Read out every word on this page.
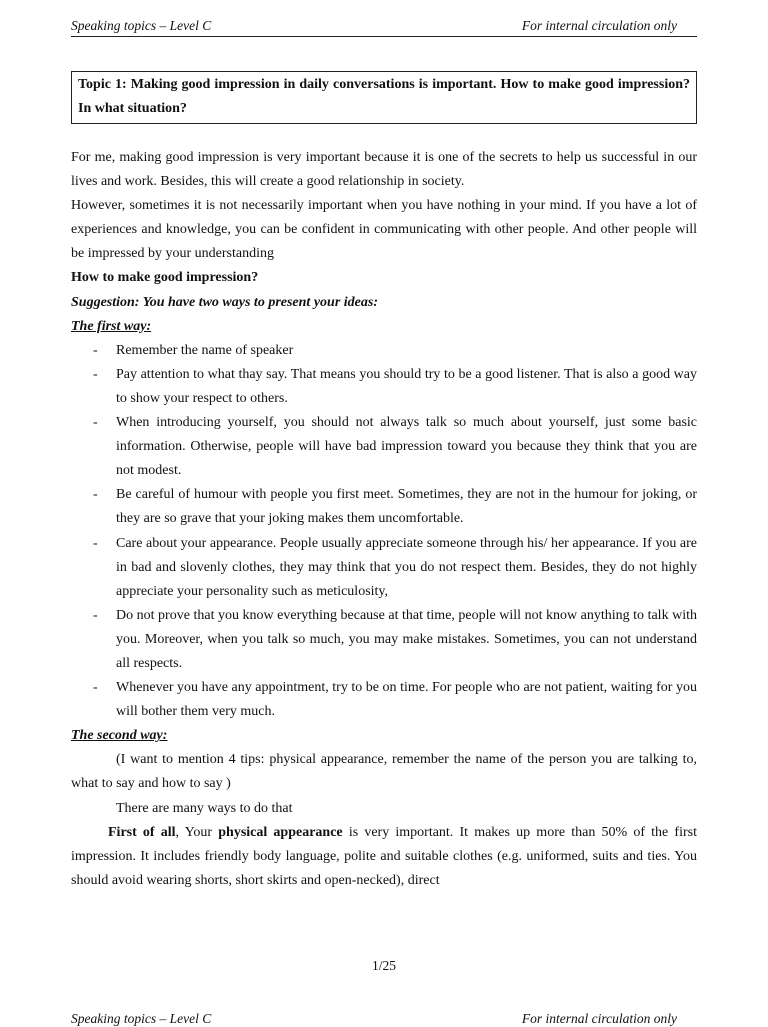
Speaking topics – Level C	For internal circulation only
Topic 1: Making good impression in daily conversations is important. How to make good impression? In what situation?

For me, making good impression is very important because it is one of the secrets to help us successful in our lives and work. Besides, this will create a good relationship in society.

However, sometimes it is not necessarily important when you have nothing in your mind. If you have a lot of experiences and knowledge, you can be confident in communicating with other people. And other people will be impressed by your understanding

How to make good impression?

Suggestion: You have two ways to present your ideas:

The first way:

- Remember the name of speaker
- Pay attention to what thay say. That means you should try to be a good listener. That is also a good way to show your respect to others.
- When introducing yourself, you should not always talk so much about yourself, just some basic information. Otherwise, people will have bad impression toward you because they think that you are not modest.
- Be careful of humour with people you first meet. Sometimes, they are not in the humour for joking, or they are so grave that your joking makes them uncomfortable.
- Care about your appearance. People usually appreciate someone through his/ her appearance. If you are in bad and slovenly clothes, they may think that you do not respect them. Besides, they do not highly appreciate your personality such as meticulosity,
- Do not prove that you know everything because at that time, people will not know anything to talk with you. Moreover, when you talk so much, you may make mistakes. Sometimes, you can not understand all respects.
- Whenever you have any appointment, try to be on time. For people who are not patient, waiting for you will bother them very much.

The second way:

(I want to mention 4 tips: physical appearance, remember the name of the person you are talking to, what to say and how to say )

There are many ways to do that

First of all, Your physical appearance is very important. It makes up more than 50% of the first impression. It includes friendly body language, polite and suitable clothes (e.g. uniformed, suits and ties. You should avoid wearing shorts, short skirts and open-necked), direct

1/25
Speaking topics – Level C	For internal circulation only
